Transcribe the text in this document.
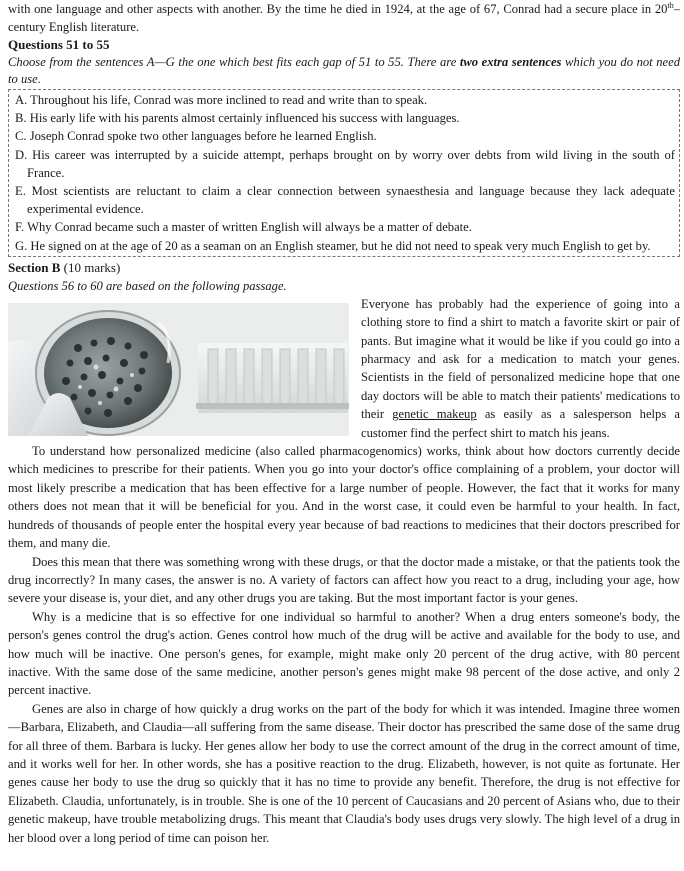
with one language and other aspects with another. By the time he died in 1924, at the age of 67, Conrad had a secure place in 20th–century English literature.

Questions 51 to 55

Choose from the sentences A—G the one which best fits each gap of 51 to 55. There are two extra sentences which you do not need to use.

A. Throughout his life, Conrad was more inclined to read and write than to speak.

B. His early life with his parents almost certainly influenced his success with languages.

C. Joseph Conrad spoke two other languages before he learned English.

D. His career was interrupted by a suicide attempt, perhaps brought on by worry over debts from wild living in the south of France.

E. Most scientists are reluctant to claim a clear connection between synaesthesia and language because they lack adequate experimental evidence.

F. Why Conrad became such a master of written English will always be a matter of debate.

G. He signed on at the age of 20 as a seaman on an English steamer, but he did not need to speak very much English to get by.

Section B (10 marks)

Questions 56 to 60 are based on the following passage.

Everyone has probably had the experience of going into a clothing store to find a shirt to match a favorite skirt or pair of pants. But imagine what it would be like if you could go into a pharmacy and ask for a medication to match your genes. Scientists in the field of personalized medicine hope that one day doctors will be able to match their patients' medications to their genetic makeup as easily as a salesperson helps a customer find the perfect shirt to match his jeans.

To understand how personalized medicine (also called pharmacogenomics) works, think about how doctors currently decide which medicines to prescribe for their patients. When you go into your doctor's office complaining of a problem, your doctor will most likely prescribe a medication that has been effective for a large number of people. However, the fact that it works for many others does not mean that it will be beneficial for you. And in the worst case, it could even be harmful to your health. In fact, hundreds of thousands of people enter the hospital every year because of bad reactions to medicines that their doctors prescribed for them, and many die.

Does this mean that there was something wrong with these drugs, or that the doctor made a mistake, or that the patients took the drug incorrectly? In many cases, the answer is no. A variety of factors can affect how you react to a drug, including your age, how severe your disease is, your diet, and any other drugs you are taking. But the most important factor is your genes.

Why is a medicine that is so effective for one individual so harmful to another? When a drug enters someone's body, the person's genes control the drug's action. Genes control how much of the drug will be active and available for the body to use, and how much will be inactive. One person's genes, for example, might make only 20 percent of the drug active, with 80 percent inactive. With the same dose of the same medicine, another person's genes might make 98 percent of the dose active, and only 2 percent inactive.

Genes are also in charge of how quickly a drug works on the part of the body for which it was intended. Imagine three women—Barbara, Elizabeth, and Claudia—all suffering from the same disease. Their doctor has prescribed the same dose of the same drug for all three of them. Barbara is lucky. Her genes allow her body to use the correct amount of the drug in the correct amount of time, and it works well for her. In other words, she has a positive reaction to the drug. Elizabeth, however, is not quite as fortunate. Her genes cause her body to use the drug so quickly that it has no time to provide any benefit. Therefore, the drug is not effective for Elizabeth. Claudia, unfortunately, is in trouble. She is one of the 10 percent of Caucasians and 20 percent of Asians who, due to their genetic makeup, have trouble metabolizing drugs. This meant that Claudia's body uses drugs very slowly. The high level of a drug in her blood over a long period of time can poison her.
